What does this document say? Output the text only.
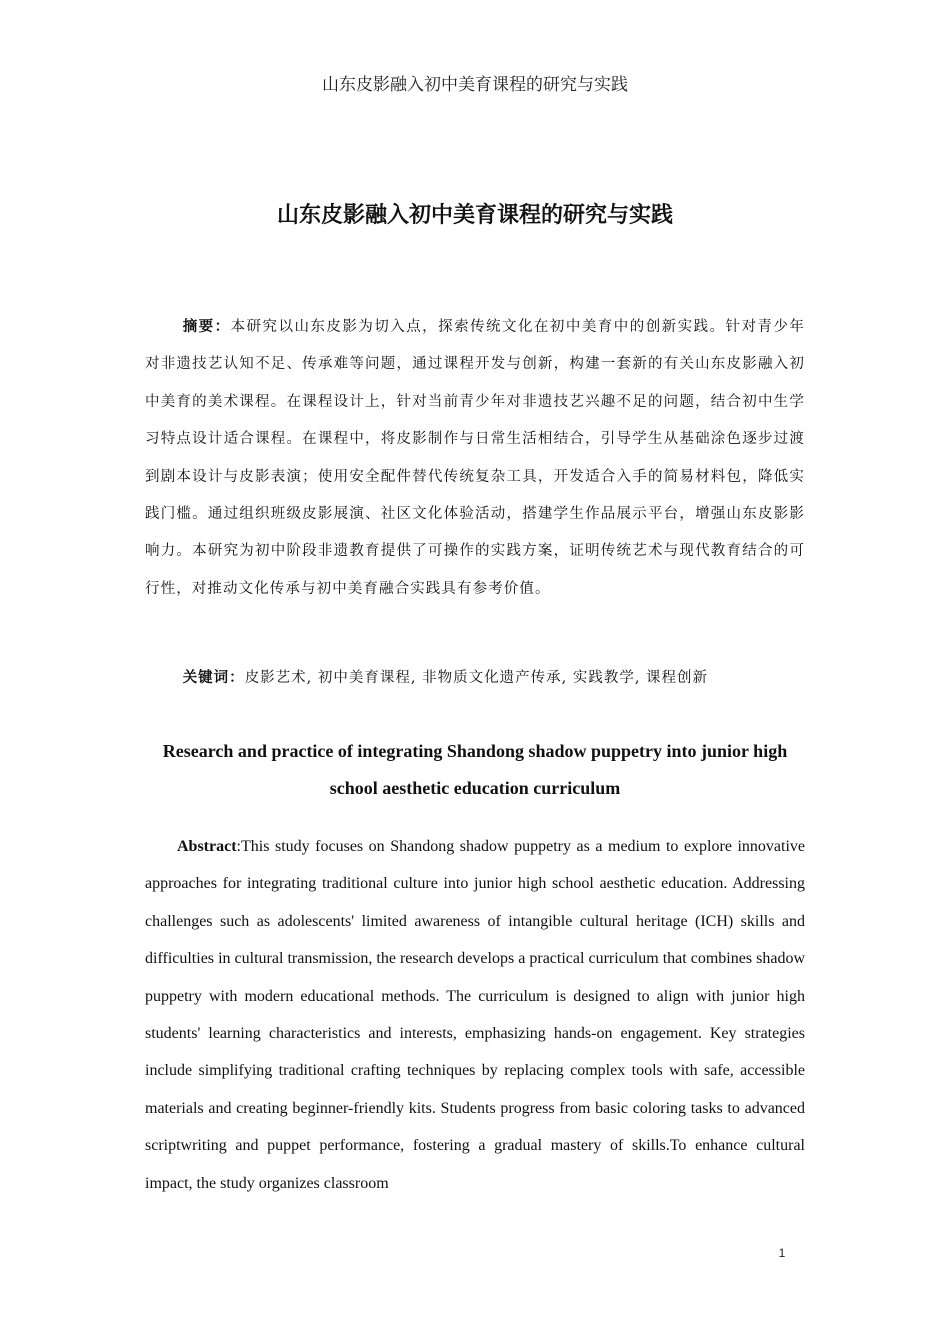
山东皮影融入初中美育课程的研究与实践
山东皮影融入初中美育课程的研究与实践

摘要：本研究以山东皮影为切入点，探索传统文化在初中美育中的创新实践。针对青少年对非遗技艺认知不足、传承难等问题，通过课程开发与创新，构建一套新的有关山东皮影融入初中美育的美术课程。在课程设计上，针对当前青少年对非遗技艺兴趣不足的问题，结合初中生学习特点设计适合课程。在课程中，将皮影制作与日常生活相结合，引导学生从基础涂色逐步过渡到剧本设计与皮影表演；使用安全配件替代传统复杂工具，开发适合入手的简易材料包，降低实践门槛。通过组织班级皮影展演、社区文化体验活动，搭建学生作品展示平台，增强山东皮影影响力。本研究为初中阶段非遗教育提供了可操作的实践方案，证明传统艺术与现代教育结合的可行性，对推动文化传承与初中美育融合实践具有参考价值。

关键词：皮影艺术, 初中美育课程, 非物质文化遗产传承, 实践教学, 课程创新

Research and practice of integrating Shandong shadow puppetry into junior high school aesthetic education curriculum

Abstract:This study focuses on Shandong shadow puppetry as a medium to explore innovative approaches for integrating traditional culture into junior high school aesthetic education. Addressing challenges such as adolescents' limited awareness of intangible cultural heritage (ICH) skills and difficulties in cultural transmission, the research develops a practical curriculum that combines shadow puppetry with modern educational methods. The curriculum is designed to align with junior high students' learning characteristics and interests, emphasizing hands-on engagement. Key strategies include simplifying traditional crafting techniques by replacing complex tools with safe, accessible materials and creating beginner-friendly kits. Students progress from basic coloring tasks to advanced scriptwriting and puppet performance, fostering a gradual mastery of skills.To enhance cultural impact, the study organizes classroom

1
